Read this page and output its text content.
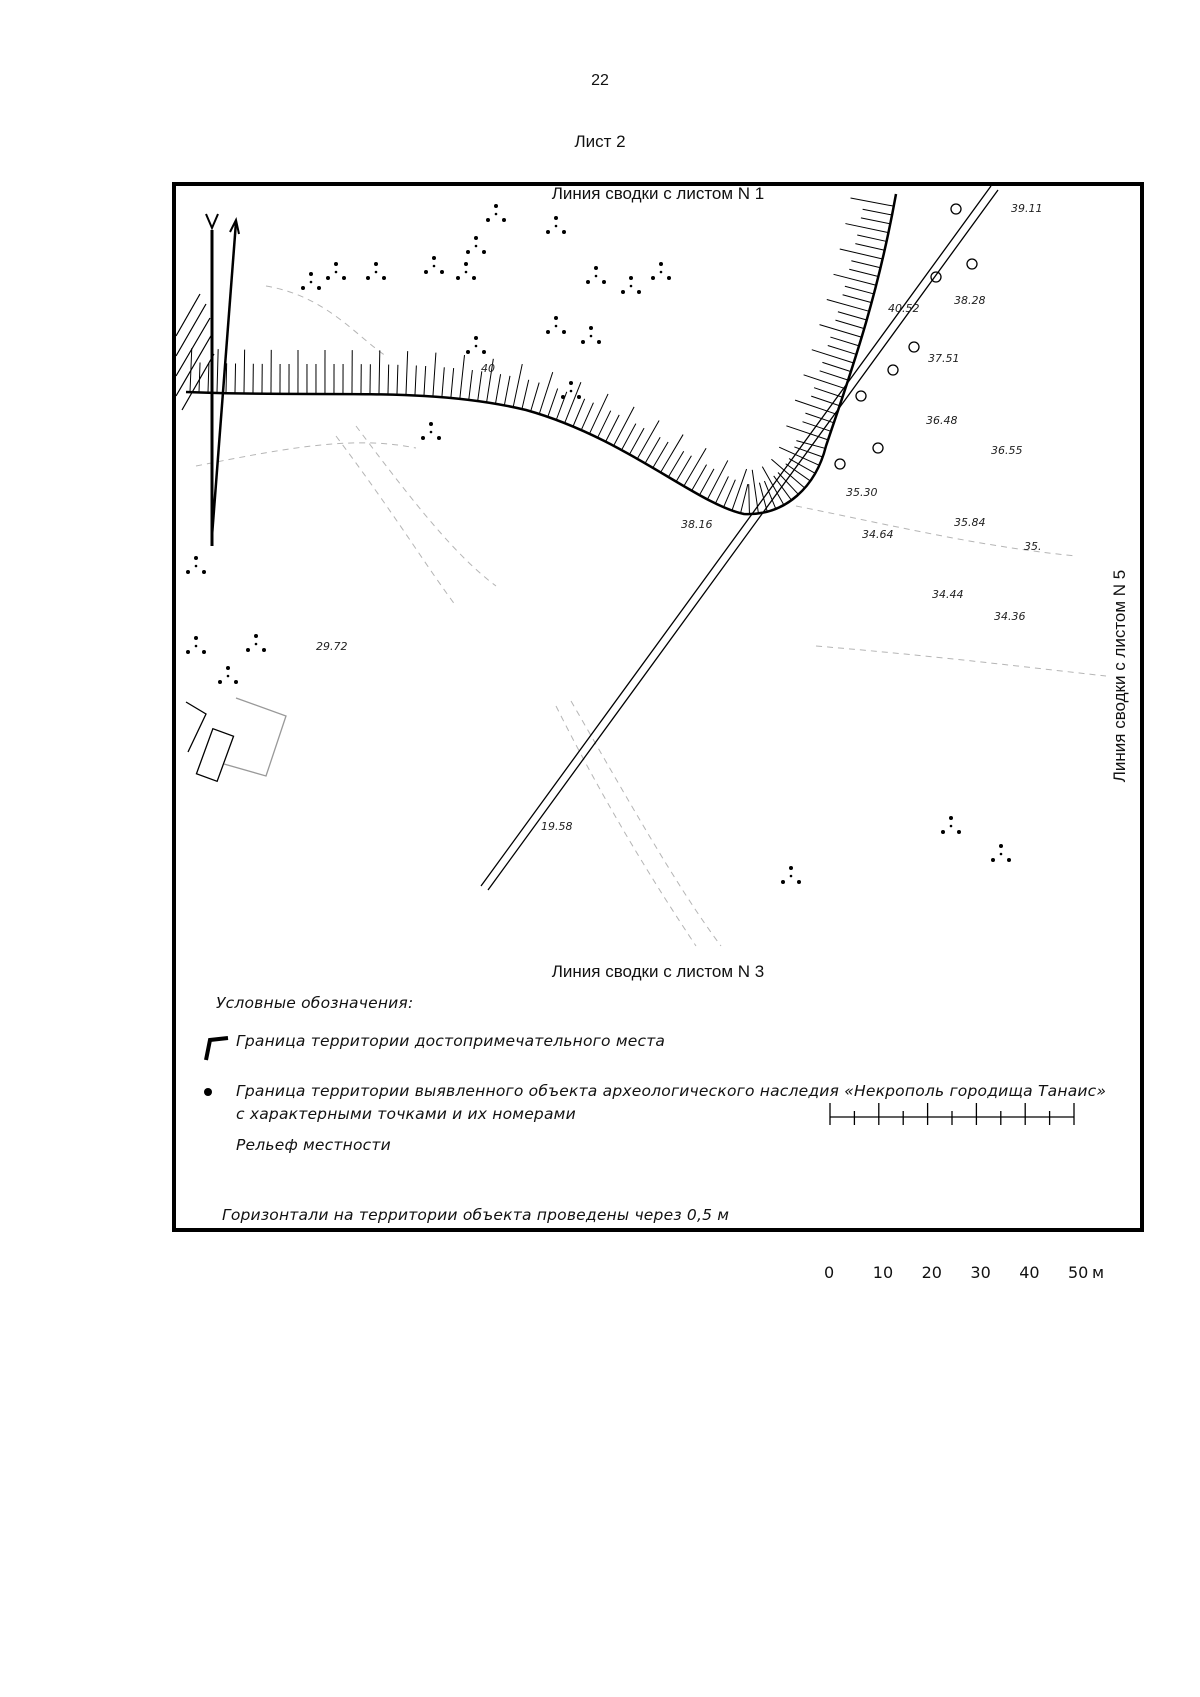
22
Лист 2
39.11
38.28
37.51
36.48
36.55
35.30
35.84
34.64
35.
34.44
34.36
40.52
40
38.16
29.72
19.58
Линия сводки с листом N 1
Линия сводки с листом N 3
Линия сводки с листом N 5
Условные обозначения:
Граница территории достопримечательного места
Граница территории выявленного объекта археологического наследия «Некрополь городища Танаис»
с характерными точками и их номерами
Рельеф местности
Горизонтали на территории объекта проведены через 0,5 м
0 10 20 30 40 50 м
